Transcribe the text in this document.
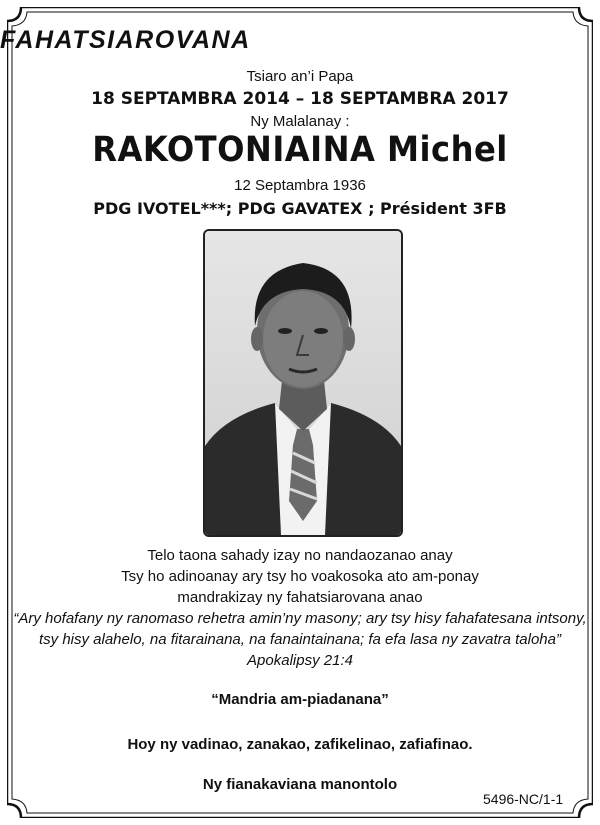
FAHATSIAROVANA
Tsiaro an’i Papa
18 SEPTAMBRA 2014 – 18 SEPTAMBRA 2017
Ny Malalanay :
RAKOTONIAINA Michel
12 Septambra 1936
PDG IVOTEL***; PDG GAVATEX ; Président 3FB
Telo taona sahady izay no nandaozanao anay
Tsy ho adinoanay ary tsy ho voakosoka ato am-ponay
mandrakizay ny fahatsiarovana anao
“Ary hofafany ny ranomaso rehetra amin’ny masony; ary tsy hisy fahafatesana intsony,
tsy hisy alahelo, na fitarainana, na fanaintainana; fa efa lasa ny zavatra taloha”
Apokalipsy 21:4
“Mandria am-piadanana”
Hoy ny vadinao, zanakao, zafikelinao, zafiafinao.
Ny fianakaviana manontolo
5496-NC/1-1
